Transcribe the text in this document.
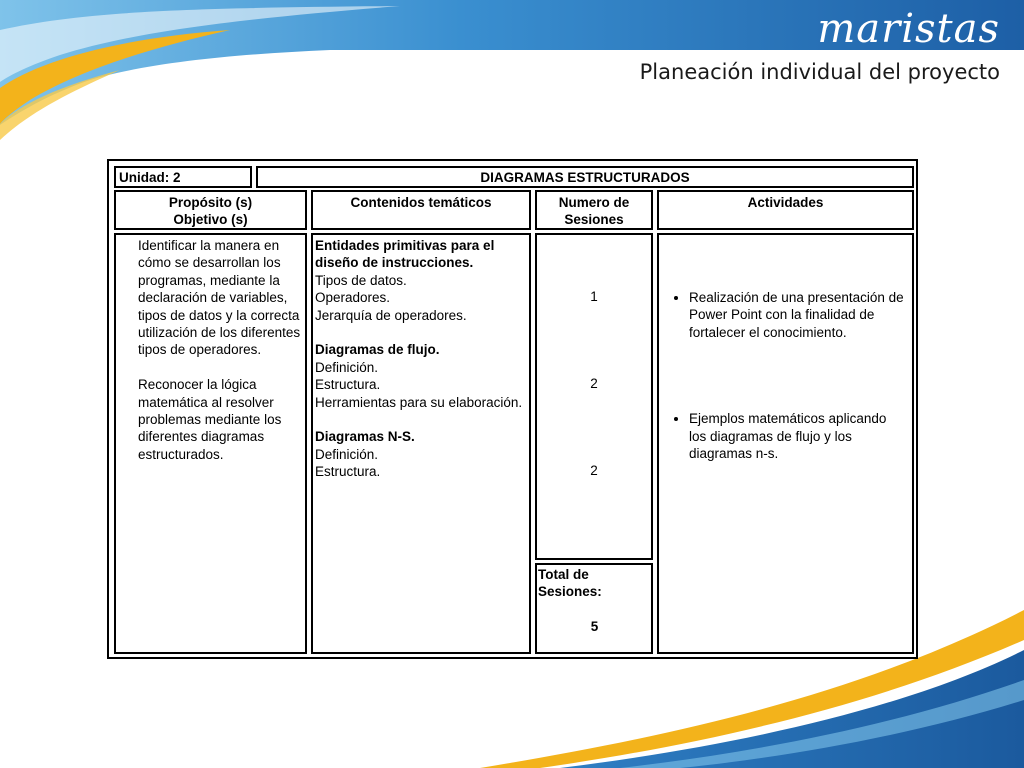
maristas
Planeación individual del proyecto
Unidad: 2	DIAGRAMAS ESTRUCTURADOS
Propósito (s)
Objetivo (s)
Contenidos temáticos	Numero de
Sesiones
Actividades

Identificar la manera en cómo se desarrollan los programas, mediante la declaración de variables, tipos de datos y la correcta utilización de los diferentes tipos de operadores.

Reconocer la lógica matemática al resolver problemas mediante los diferentes diagramas estructurados.

Entidades primitivas para el diseño de instrucciones.
Tipos de datos.
Operadores.
Jerarquía de operadores.
Diagramas de flujo.
Definición.
Estructura.
Herramientas para su elaboración.
Diagramas N-S.
Definición.
Estructura.
1
2
2
Total de
Sesiones:
5
• Realización de una presentación de Power Point con la finalidad de fortalecer el conocimiento.
• Ejemplos matemáticos aplicando los diagramas de flujo y los diagramas n-s.
